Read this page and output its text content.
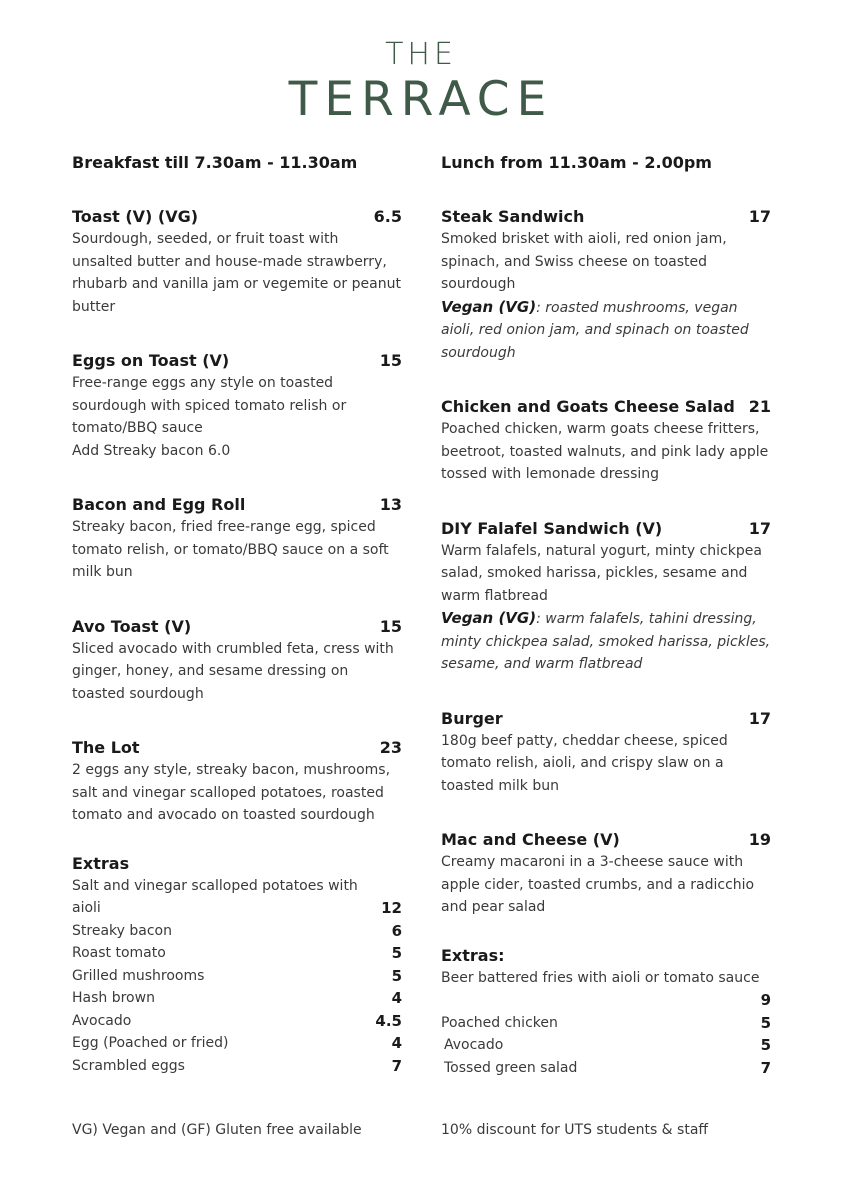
THE
TERRACE
Breakfast till 7.30am - 11.30am
Toast (V) (VG)	6.5
Sourdough, seeded, or fruit toast with unsalted butter and house-made strawberry, rhubarb and vanilla jam or vegemite or peanut butter
Eggs on Toast (V)	15
Free-range eggs any style on toasted sourdough with spiced tomato relish or tomato/BBQ sauce
Add Streaky bacon 6.0
Bacon and Egg Roll	13
Streaky bacon, fried free-range egg, spiced tomato relish, or tomato/BBQ sauce on a soft milk bun
Avo Toast (V)	15
Sliced avocado with crumbled feta, cress with ginger, honey, and sesame dressing on toasted sourdough
The Lot	23
2 eggs any style, streaky bacon, mushrooms, salt and vinegar scalloped potatoes, roasted tomato and avocado on toasted sourdough
Extras
Salt and vinegar scalloped potatoes with
aioli	12
Streaky bacon	6
Roast tomato	5
Grilled mushrooms	5
Hash brown	4
Avocado	4.5
Egg (Poached or fried)	4
Scrambled eggs	7
Lunch from 11.30am - 2.00pm
Steak Sandwich	17
Smoked brisket with aioli, red onion jam, spinach, and Swiss cheese on toasted sourdough
Vegan (VG): roasted mushrooms, vegan aioli, red onion jam, and spinach on toasted sourdough
Chicken and Goats Cheese Salad 21
Poached chicken, warm goats cheese fritters, beetroot, toasted walnuts, and pink lady apple tossed with lemonade dressing
DIY Falafel Sandwich (V)	17
Warm falafels, natural yogurt, minty chickpea salad, smoked harissa, pickles, sesame and warm flatbread
Vegan (VG): warm falafels, tahini dressing, minty chickpea salad, smoked harissa, pickles, sesame, and warm flatbread
Burger	17
180g beef patty, cheddar cheese, spiced tomato relish, aioli, and crispy slaw on a toasted milk bun
Mac and Cheese (V)	19
Creamy macaroni in a 3-cheese sauce with apple cider, toasted crumbs, and a radicchio and pear salad
Extras:
Beer battered fries with aioli or tomato sauce
9
Poached chicken	5
Avocado	5
Tossed green salad	7
VG) Vegan and (GF) Gluten free available	10% discount for UTS students & staff
